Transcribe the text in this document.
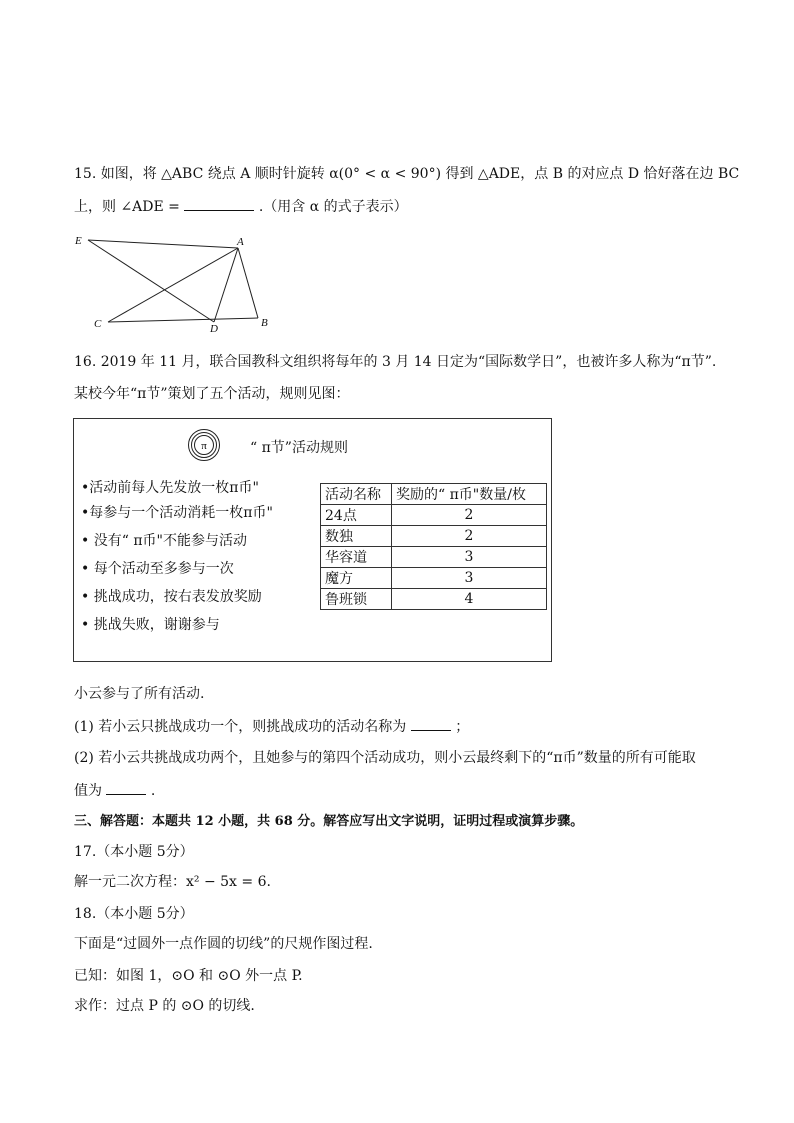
15. 如图，将 △ABC 绕点 A 顺时针旋转 α(0° < α < 90°) 得到 △ADE，点 B 的对应点 D 恰好落在边 BC
上，则 ∠ADE =	.（用含 α 的式子表示）
E	A
C	D	B
16. 2019 年 11 月，联合国教科文组织将每年的 3 月 14 日定为“国际数学日”，也被许多人称为“π节”.
某校今年“π节”策划了五个活动，规则见图：
π	“ π节”活动规则
•活动前每人先发放一枚π币"
•每参与一个活动消耗一枚π币"
• 没有“ π币"不能参与活动
• 每个活动至多参与一次
• 挑战成功，按右表发放奖励
• 挑战失败，谢谢参与
活动名称	奖励的“ π币"数量/枚
24点	2
数独	2
华容道	3
魔方	3
鲁班锁	4
小云参与了所有活动.
(1) 若小云只挑战成功一个，则挑战成功的活动名称为	；
(2) 若小云共挑战成功两个，且她参与的第四个活动成功，则小云最终剩下的“π币”数量的所有可能取
值为	.
三、解答题：本题共 12 小题，共 68 分。解答应写出文字说明，证明过程或演算步骤。
17.（本小题 5分）
解一元二次方程：x² − 5x = 6.
18.（本小题 5分）
下面是“过圆外一点作圆的切线”的尺规作图过程.
已知：如图 1，⊙O 和 ⊙O 外一点 P.
求作：过点 P 的 ⊙O 的切线.
